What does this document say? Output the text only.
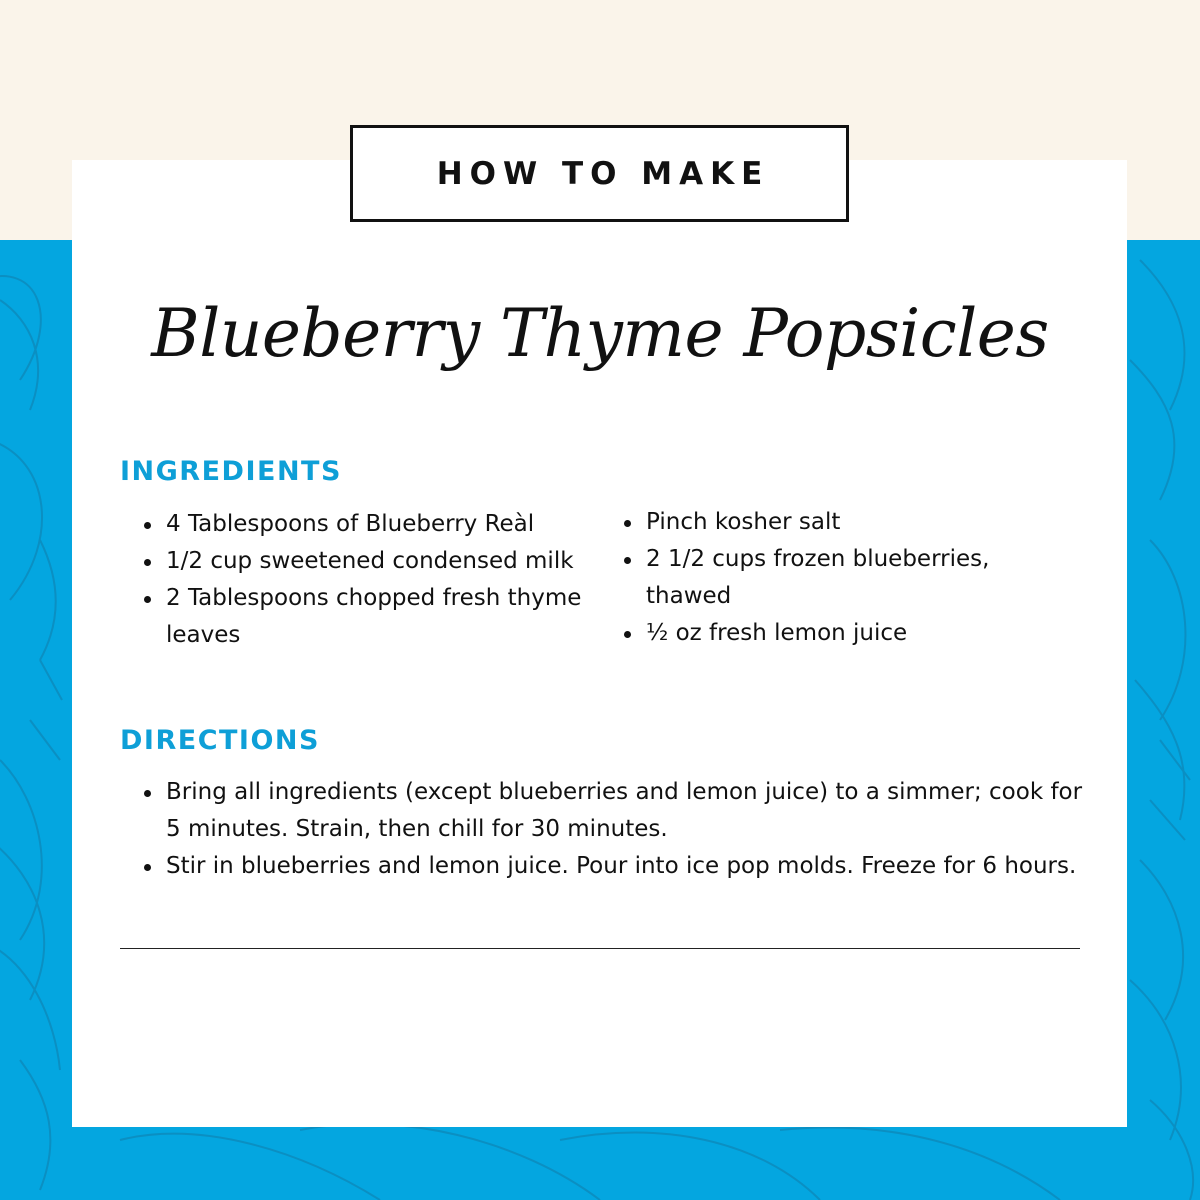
HOW TO MAKE
Blueberry Thyme Popsicles
INGREDIENTS
4 Tablespoons of Blueberry Reàl
1/2 cup sweetened condensed milk
2 Tablespoons chopped fresh thyme leaves
Pinch kosher salt
2 1/2 cups frozen blueberries, thawed
½ oz fresh lemon juice
DIRECTIONS
Bring all ingredients (except blueberries and lemon juice) to a simmer; cook for 5 minutes. Strain, then chill for 30 minutes.
Stir in blueberries and lemon juice. Pour into ice pop molds. Freeze for 6 hours.
